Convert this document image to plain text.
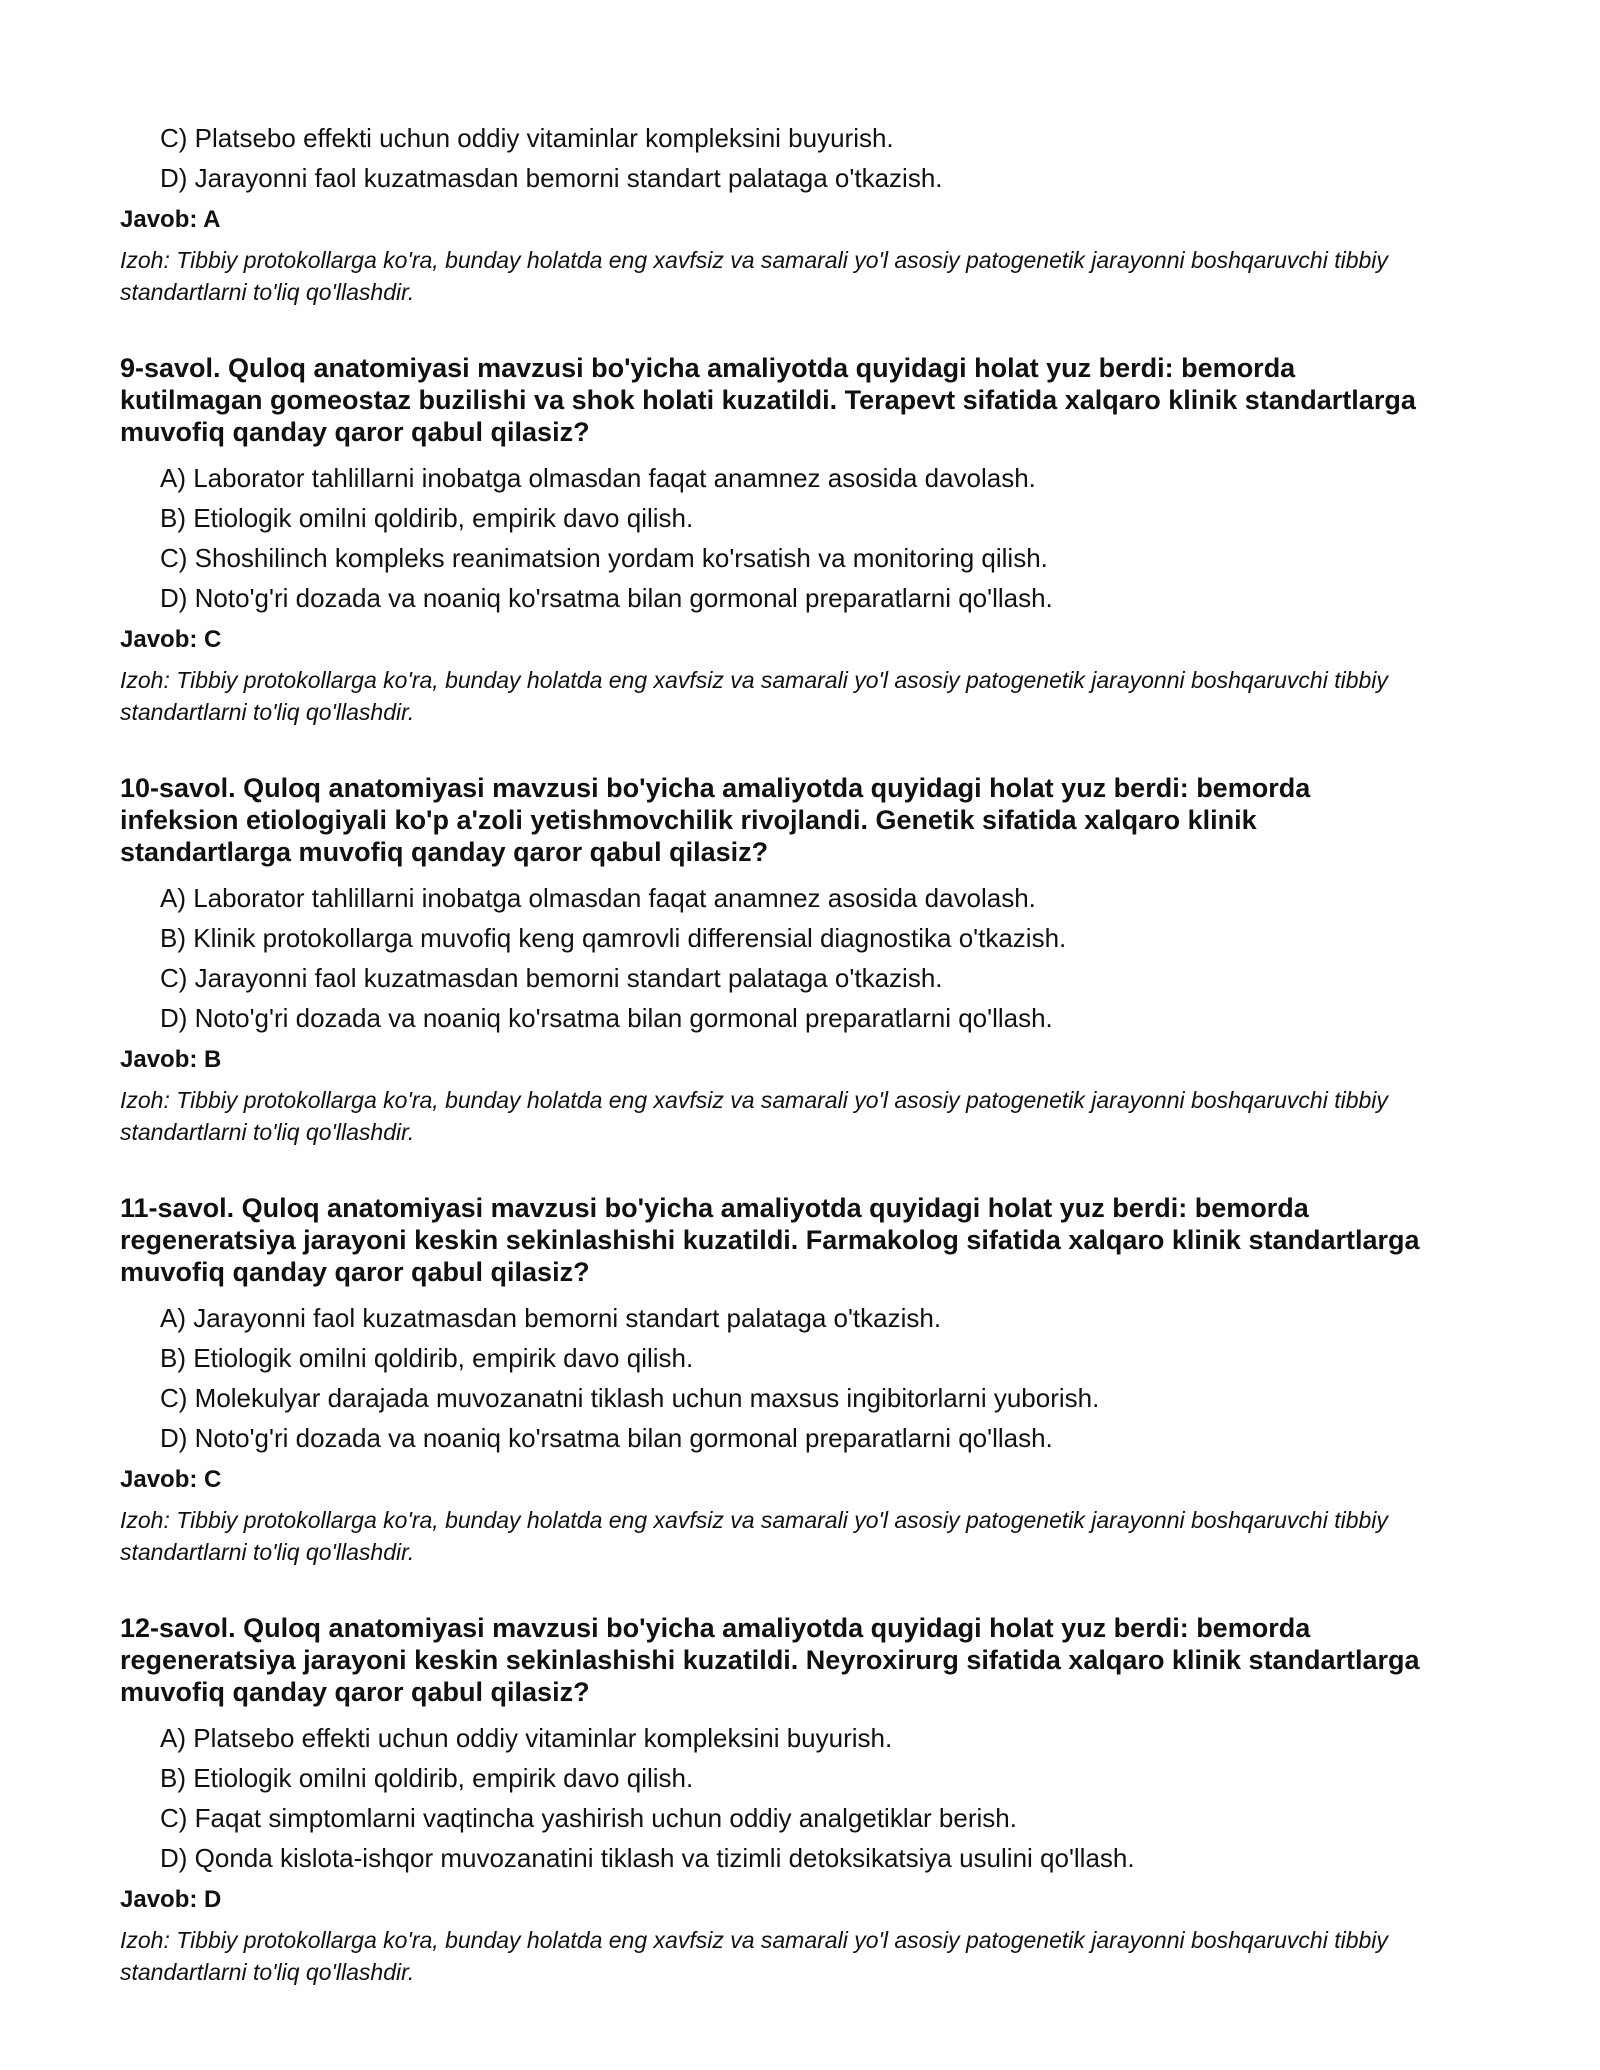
C) Platsebo effekti uchun oddiy vitaminlar kompleksini buyurish.
D) Jarayonni faol kuzatmasdan bemorni standart palataga o'tkazish.
Javob: A
Izoh: Tibbiy protokollarga ko'ra, bunday holatda eng xavfsiz va samarali yo'l asosiy patogenetik jarayonni boshqaruvchi tibbiy standartlarni to'liq qo'llashdir.
9-savol. Quloq anatomiyasi mavzusi bo'yicha amaliyotda quyidagi holat yuz berdi: bemorda kutilmagan gomeostaz buzilishi va shok holati kuzatildi. Terapevt sifatida xalqaro klinik standartlarga muvofiq qanday qaror qabul qilasiz?
A) Laborator tahlillarni inobatga olmasdan faqat anamnez asosida davolash.
B) Etiologik omilni qoldirib, empirik davo qilish.
C) Shoshilinch kompleks reanimatsion yordam ko'rsatish va monitoring qilish.
D) Noto'g'ri dozada va noaniq ko'rsatma bilan gormonal preparatlarni qo'llash.
Javob: C
Izoh: Tibbiy protokollarga ko'ra, bunday holatda eng xavfsiz va samarali yo'l asosiy patogenetik jarayonni boshqaruvchi tibbiy standartlarni to'liq qo'llashdir.
10-savol. Quloq anatomiyasi mavzusi bo'yicha amaliyotda quyidagi holat yuz berdi: bemorda infeksion etiologiyali ko'p a'zoli yetishmovchilik rivojlandi. Genetik sifatida xalqaro klinik standartlarga muvofiq qanday qaror qabul qilasiz?
A) Laborator tahlillarni inobatga olmasdan faqat anamnez asosida davolash.
B) Klinik protokollarga muvofiq keng qamrovli differensial diagnostika o'tkazish.
C) Jarayonni faol kuzatmasdan bemorni standart palataga o'tkazish.
D) Noto'g'ri dozada va noaniq ko'rsatma bilan gormonal preparatlarni qo'llash.
Javob: B
Izoh: Tibbiy protokollarga ko'ra, bunday holatda eng xavfsiz va samarali yo'l asosiy patogenetik jarayonni boshqaruvchi tibbiy standartlarni to'liq qo'llashdir.
11-savol. Quloq anatomiyasi mavzusi bo'yicha amaliyotda quyidagi holat yuz berdi: bemorda regeneratsiya jarayoni keskin sekinlashishi kuzatildi. Farmakolog sifatida xalqaro klinik standartlarga muvofiq qanday qaror qabul qilasiz?
A) Jarayonni faol kuzatmasdan bemorni standart palataga o'tkazish.
B) Etiologik omilni qoldirib, empirik davo qilish.
C) Molekulyar darajada muvozanatni tiklash uchun maxsus ingibitorlarni yuborish.
D) Noto'g'ri dozada va noaniq ko'rsatma bilan gormonal preparatlarni qo'llash.
Javob: C
Izoh: Tibbiy protokollarga ko'ra, bunday holatda eng xavfsiz va samarali yo'l asosiy patogenetik jarayonni boshqaruvchi tibbiy standartlarni to'liq qo'llashdir.
12-savol. Quloq anatomiyasi mavzusi bo'yicha amaliyotda quyidagi holat yuz berdi: bemorda regeneratsiya jarayoni keskin sekinlashishi kuzatildi. Neyroxirurg sifatida xalqaro klinik standartlarga muvofiq qanday qaror qabul qilasiz?
A) Platsebo effekti uchun oddiy vitaminlar kompleksini buyurish.
B) Etiologik omilni qoldirib, empirik davo qilish.
C) Faqat simptomlarni vaqtincha yashirish uchun oddiy analgetiklar berish.
D) Qonda kislota-ishqor muvozanatini tiklash va tizimli detoksikatsiya usulini qo'llash.
Javob: D
Izoh: Tibbiy protokollarga ko'ra, bunday holatda eng xavfsiz va samarali yo'l asosiy patogenetik jarayonni boshqaruvchi tibbiy standartlarni to'liq qo'llashdir.
